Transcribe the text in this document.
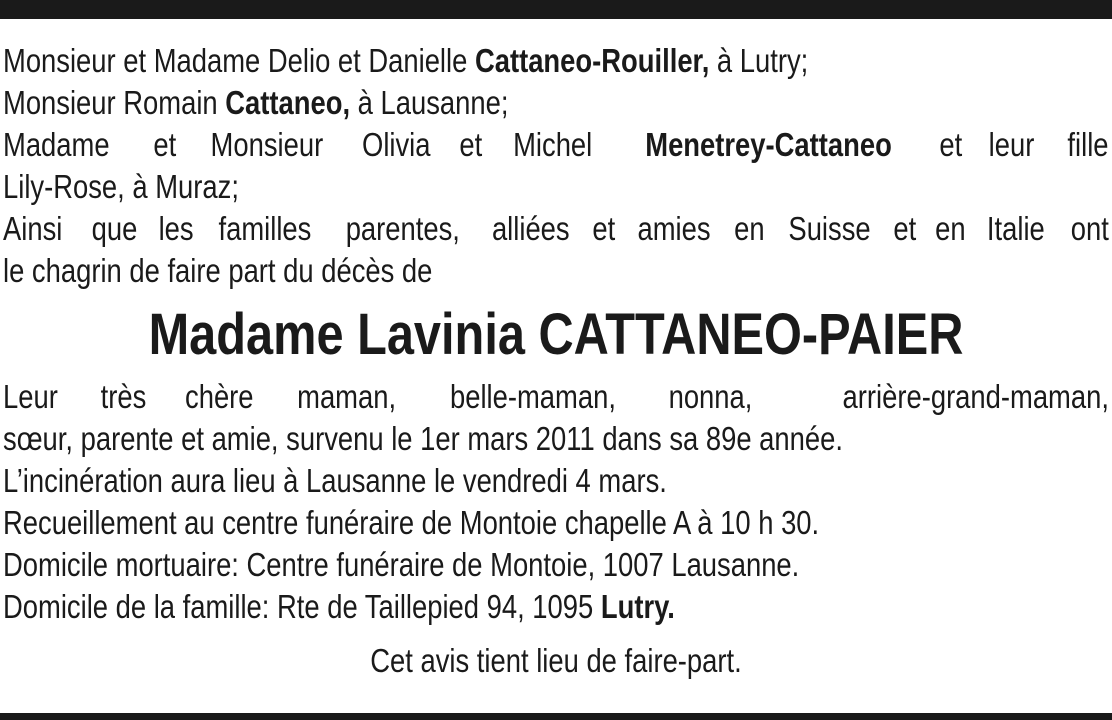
Monsieur et Madame Delio et Danielle Cattaneo-Rouiller, à Lutry;
Monsieur Romain Cattaneo, à Lausanne;
Madame et Monsieur Olivia et Michel Menetrey-Cattaneo et leur fille
Lily-Rose, à Muraz;
Ainsi que les familles parentes, alliées et amies en Suisse et en Italie ont
le chagrin de faire part du décès de
Madame Lavinia CATTANEO-PAIER
Leur très chère maman, belle-maman, nonna,	arrière-grand-maman,
sœur, parente et amie, survenu le 1er mars 2011 dans sa 89e année.
L’incinération aura lieu à Lausanne le vendredi 4 mars.
Recueillement au centre funéraire de Montoie chapelle A à 10 h 30.
Domicile mortuaire: Centre funéraire de Montoie, 1007 Lausanne.
Domicile de la famille: Rte de Taillepied 94, 1095 Lutry.
Cet avis tient lieu de faire-part.
